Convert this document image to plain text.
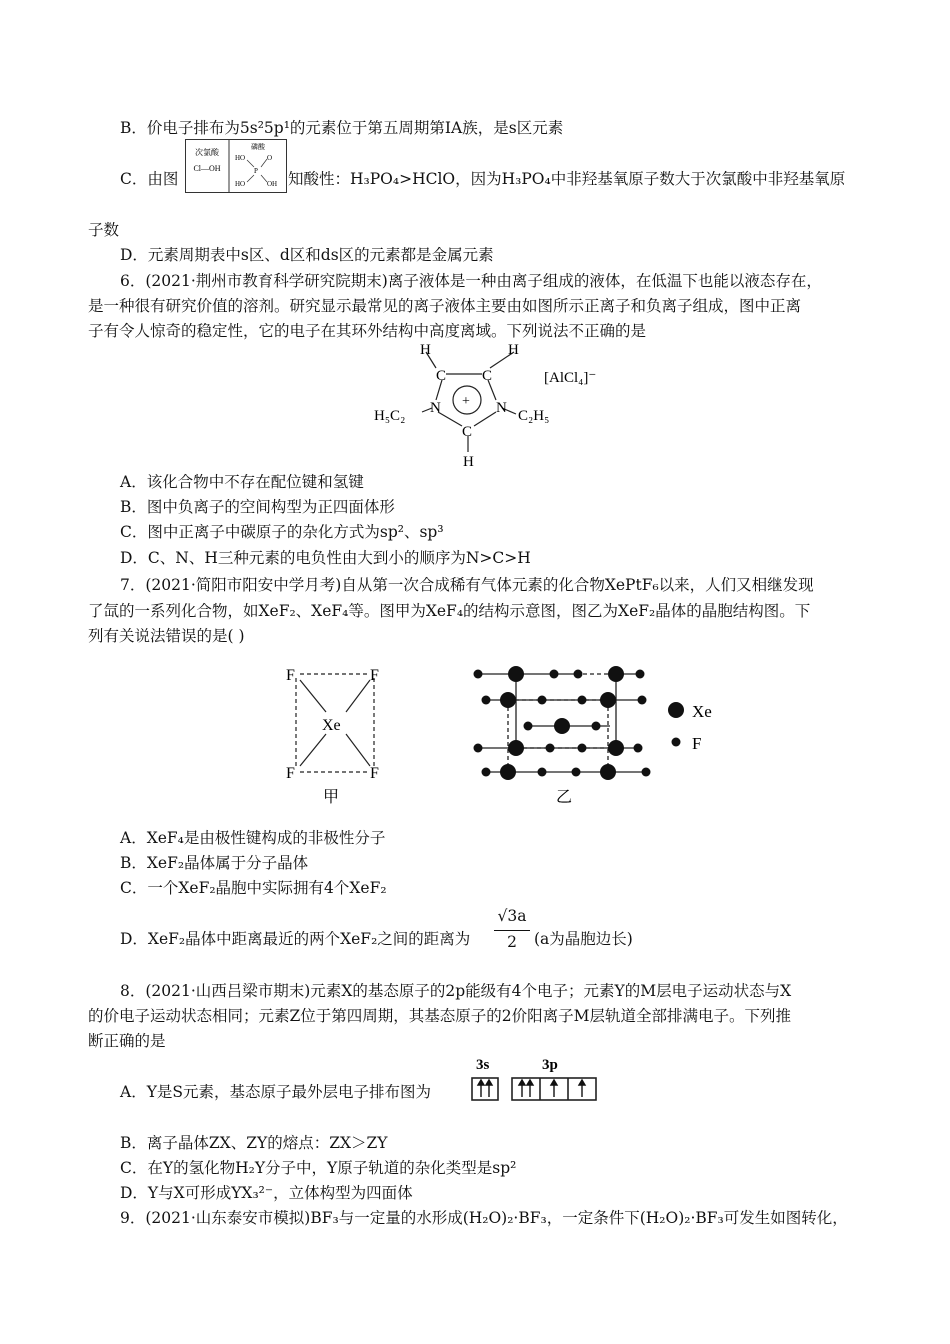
B．价电子排布为5s²5p¹的元素位于第五周期第ⅠA族，是s区元素
C．由图
次氯酸
Cl—OH
磷酸
HO	O
P
HO	OH 知酸性：H₃PO₄>HClO，因为H₃PO₄中非羟基氧原子数大于次氯酸中非羟基氧原
子数
D．元素周期表中s区、d区和ds区的元素都是金属元素
6．(2021·荆州市教育科学研究院期末)离子液体是一种由离子组成的液体，在低温下也能以液态存在，
是一种很有研究价值的溶剂。研究显示最常见的离子液体主要由如图所示正离子和负离子组成，图中正离
子有令人惊奇的稳定性，它的电子在其环外结构中高度离域。下列说法不正确的是
H	H
C C
N	N
C
H
+
H₅C₂	C₂H₅
[AlCl₄]⁻
A．该化合物中不存在配位键和氢键
B．图中负离子的空间构型为正四面体形
C．图中正离子中碳原子的杂化方式为sp²、sp³
D．C、N、H三种元素的电负性由大到小的顺序为N>C>H
7．(2021·简阳市阳安中学月考)自从第一次合成稀有气体元素的化合物XePtF₆以来，人们又相继发现
了氙的一系列化合物，如XeF₂、XeF₄等。图甲为XeF₄的结构示意图，图乙为XeF₂晶体的晶胞结构图。下
列有关说法错误的是( )
F	F
F	F
Xe
甲
Xe
F
乙
A．XeF₄是由极性键构成的非极性分子
B．XeF₂晶体属于分子晶体
C．一个XeF₂晶胞中实际拥有4个XeF₂
D．XeF₂晶体中距离最近的两个XeF₂之间的距离为
√3a
2	(a为晶胞边长)
8．(2021·山西吕梁市期末)元素X的基态原子的2p能级有4个电子；元素Y的M层电子运动状态与X
的价电子运动状态相同；元素Z位于第四周期，其基态原子的2价阳离子M层轨道全部排满电子。下列推
断正确的是
A．Y是S元素，基态原子最外层电子排布图为
3s	3p
B．离子晶体ZX、ZY的熔点：ZX＞ZY
C．在Y的氢化物H₂Y分子中，Y原子轨道的杂化类型是sp²
D．Y与X可形成YX₃²⁻，立体构型为四面体
9．(2021·山东泰安市模拟)BF₃与一定量的水形成(H₂O)₂·BF₃，一定条件下(H₂O)₂·BF₃可发生如图转化，
